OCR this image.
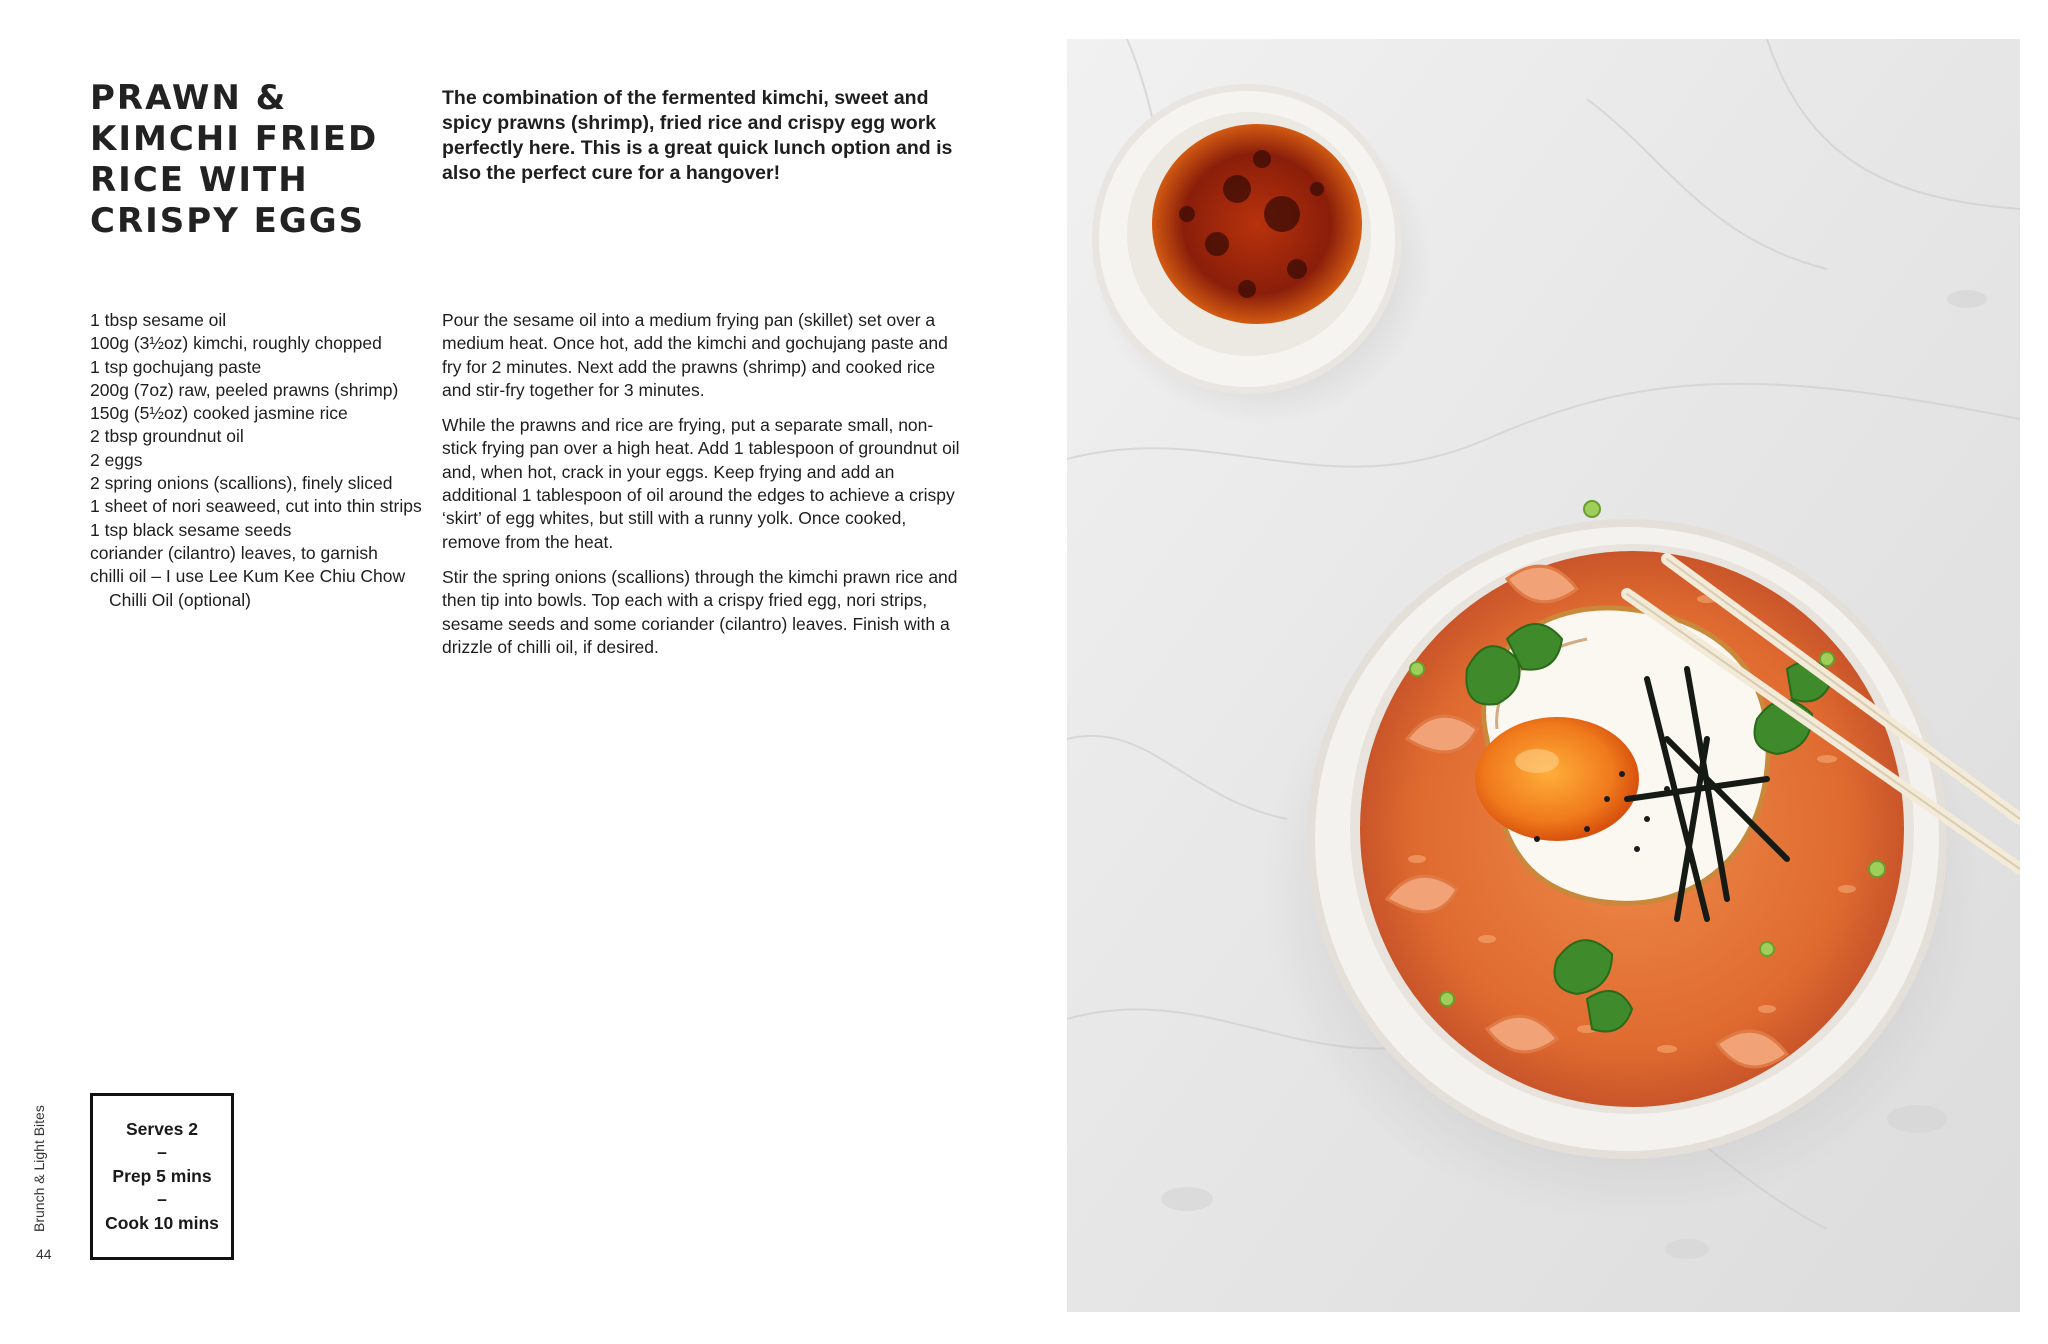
PRAWN &
KIMCHI FRIED
RICE WITH
CRISPY EGGS

The combination of the fermented kimchi, sweet and spicy prawns (shrimp), fried rice and crispy egg work perfectly here. This is a great quick lunch option and is also the perfect cure for a hangover!

1 tbsp sesame oil
100g (3½oz) kimchi, roughly chopped
1 tsp gochujang paste
200g (7oz) raw, peeled prawns (shrimp)
150g (5½oz) cooked jasmine rice
2 tbsp groundnut oil
2 eggs
2 spring onions (scallions), finely sliced
1 sheet of nori seaweed, cut into thin strips
1 tsp black sesame seeds
coriander (cilantro) leaves, to garnish
chilli oil – I use Lee Kum Kee Chiu Chow Chilli Oil (optional)

Pour the sesame oil into a medium frying pan (skillet) set over a medium heat. Once hot, add the kimchi and gochujang paste and fry for 2 minutes. Next add the prawns (shrimp) and cooked rice and stir-fry together for 3 minutes.

While the prawns and rice are frying, put a separate small, non-stick frying pan over a high heat. Add 1 tablespoon of groundnut oil and, when hot, crack in your eggs. Keep frying and add an additional 1 tablespoon of oil around the edges to achieve a crispy ‘skirt’ of egg whites, but still with a runny yolk. Once cooked, remove from the heat.

Stir the spring onions (scallions) through the kimchi prawn rice and then tip into bowls. Top each with a crispy fried egg, nori strips, sesame seeds and some coriander (cilantro) leaves. Finish with a drizzle of chilli oil, if desired.

Serves 2
–
Prep 5 mins
–
Cook 10 mins
Brunch & Light Bites
44
